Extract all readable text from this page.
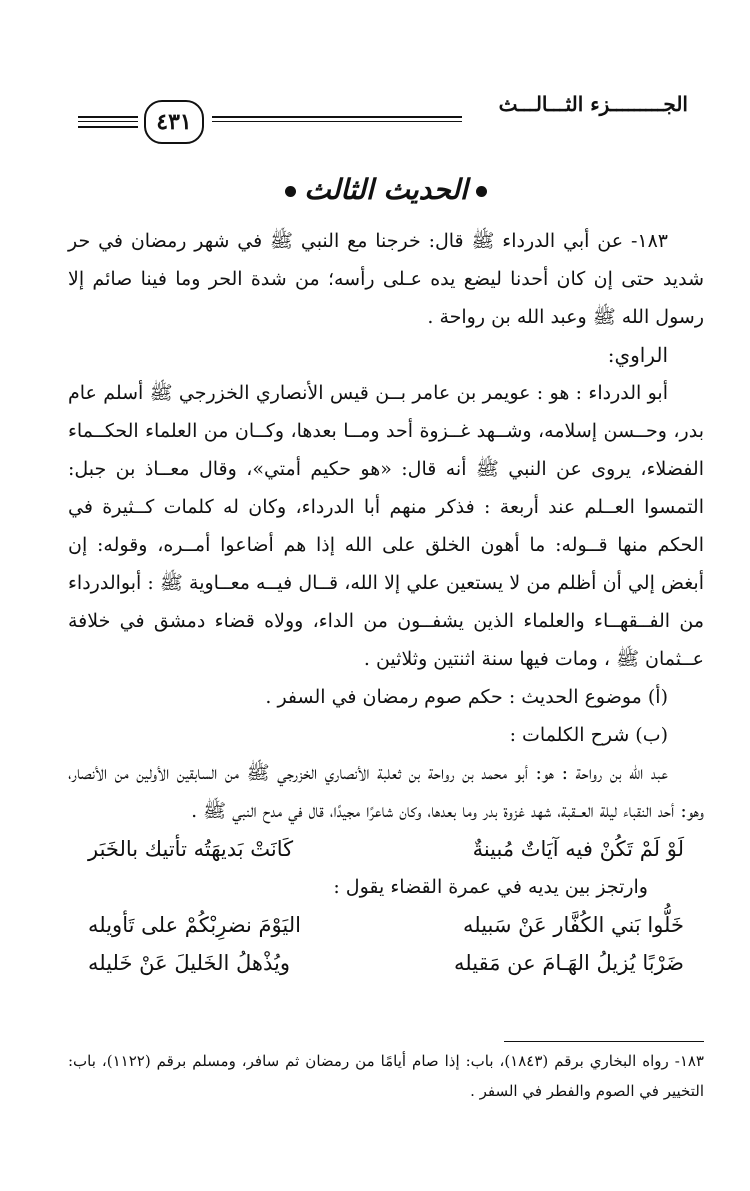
الجـــــــــزء الثـــالـــث
٤٣١

الحديث الثالث

١٨٣- عن أبي الدرداء ﷺ قال: خرجنا مع النبي ﷺ في شهر رمضان في حر شديد حتى إن كان أحدنا ليضع يده عـلى رأسه؛ من شدة الحر وما فينا صائم إلا رسول الله ﷺ وعبد الله بن رواحة .

الراوي:

أبو الدرداء : هو : عويمر بن عامر بــن قيس الأنصاري الخزرجي ﷺ أسلم عام بدر، وحــسن إسلامه، وشــهد غــزوة أحد ومــا بعدها، وكــان من العلماء الحكــماء الفضلاء، يروى عن النبي ﷺ أنه قال: «هو حكيم أمتي»، وقال معــاذ بن جبل: التمسوا العــلم عند أربعة : فذكر منهم أبا الدرداء، وكان له كلمات كــثيرة في الحكم منها قــوله: ما أهون الخلق على الله إذا هم أضاعوا أمــره، وقوله: إن أبغض إلي أن أظلم من لا يستعين علي إلا الله، قــال فيــه معــاوية ﷺ : أبوالدرداء من الفــقهــاء والعلماء الذين يشفــون من الداء، وولاه قضاء دمشق في خلافة عــثمان ﷺ ، ومات فيها سنة اثنتين وثلاثين .

(أ) موضوع الحديث : حكم صوم رمضان في السفر .

(ب) شرح الكلمات :

عبد الله بن رواحة : هو: أبو محمد بن رواحة بن ثعلبة الأنصاري الخزرجي ﷺ من السابقين الأولين من الأنصار، وهو: أحد النقباء ليلة العــقبة، شهد غزوة بدر وما بعدها، وكان شاعرًا مجيدًا، قال في مدح النبي ﷺ .

لَوْ لَمْ تَكُنْ فيه آيَاتٌ مُبينةٌ
كَانَتْ بَديهَتُه تأتيك بالخَبَر

وارتجز بين يديه في عمرة القضاء يقول :

خَلُّوا بَني الكُفَّار عَنْ سَبيله
اليَوْمَ نضرِبْكُمْ على تَأويله
ضَرْبًا يُزيلُ الهَـامَ عن مَقيله
ويُذْهلُ الخَليلَ عَنْ خَليله

١٨٣- رواه البخاري برقم (١٨٤٣)، باب: إذا صام أيامًا من رمضان ثم سافر، ومسلم برقم (١١٢٢)، باب: التخيير في الصوم والفطر في السفر .
